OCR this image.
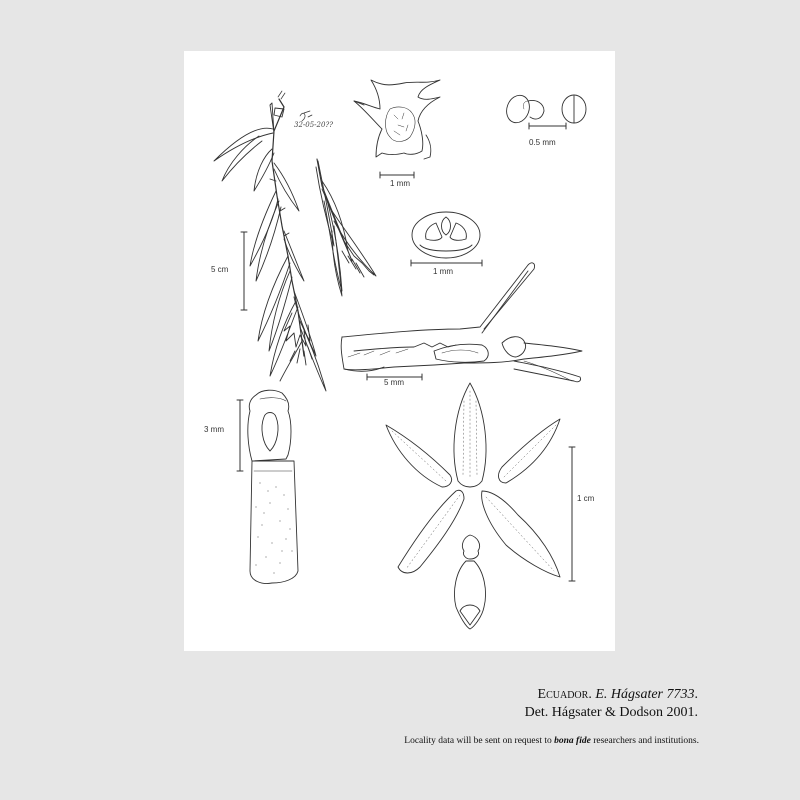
32-05-20??
0.5 mm
1 mm
1 mm
5 cm
5 mm
3 mm
1 cm
Ecuador. E. Hágsater 7733.
Det. Hágsater & Dodson 2001.
Locality data will be sent on request to bona fide researchers and institutions.
